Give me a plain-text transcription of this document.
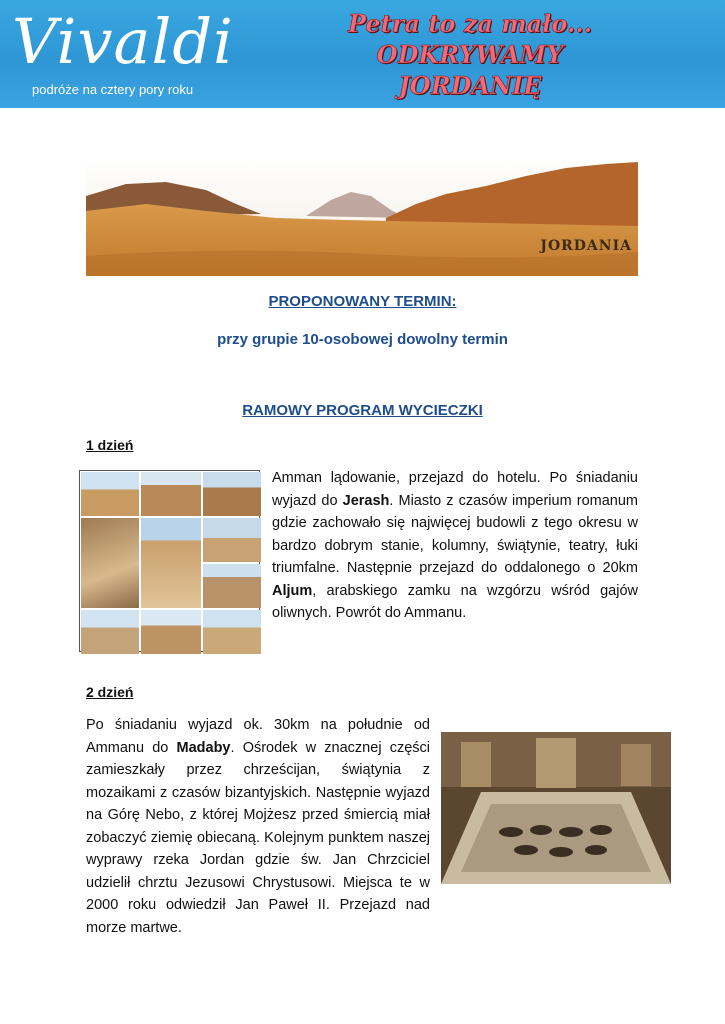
Vivaldi
podróże na cztery pory roku
Petra to za mało...
ODKRYWAMY
JORDANIĘ
JORDANIA
PROPONOWANY TERMIN:
przy grupie 10-osobowej dowolny termin
RAMOWY PROGRAM WYCIECZKI
1 dzień
Amman lądowanie, przejazd do hotelu. Po śniadaniu wyjazd do Jerash. Miasto z czasów imperium romanum gdzie zachowało się najwięcej budowli z tego okresu w bardzo dobrym stanie, kolumny, świątynie, teatry, łuki triumfalne. Następnie przejazd do oddalonego o 20km Aljum, arabskiego zamku na wzgórzu wśród gajów oliwnych. Powrót do Ammanu.
2 dzień
Po śniadaniu wyjazd ok. 30km na południe od Ammanu do Madaby. Ośrodek w znacznej części zamieszkały przez chrześcijan, świątynia z mozaikami z czasów bizantyjskich. Następnie wyjazd na Górę Nebo, z której Mojżesz przed śmiercią miał zobaczyć ziemię obiecaną. Kolejnym punktem naszej wyprawy rzeka Jordan gdzie św. Jan Chrzciciel udzielił chrztu Jezusowi Chrystusowi. Miejsca te w 2000 roku odwiedził Jan Paweł II. Przejazd nad morze martwe.
